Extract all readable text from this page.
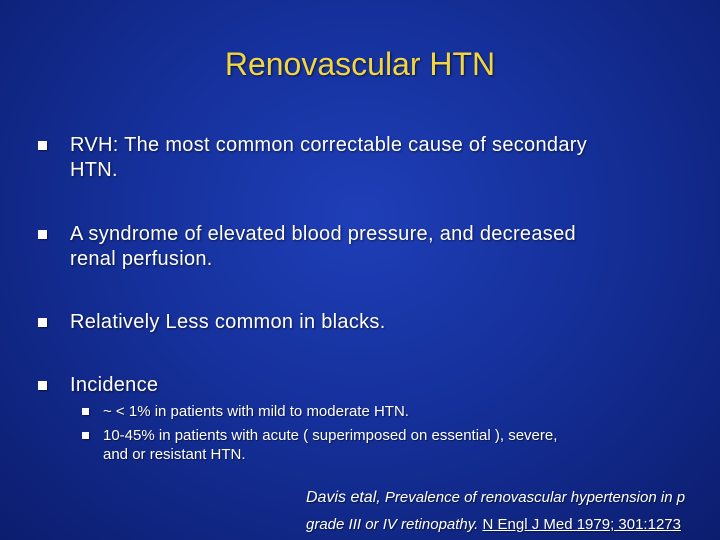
Renovascular HTN
RVH: The most common correctable cause of secondary
HTN.
A syndrome of elevated blood pressure, and decreased
renal perfusion.
Relatively Less common in blacks.
Incidence
~ < 1% in patients with mild to moderate HTN.
10-45% in patients with acute ( superimposed on essential ), severe,
and or resistant HTN.
Davis etal, Prevalence of renovascular hypertension in p
grade III or IV retinopathy. N Engl J Med 1979; 301:1273
